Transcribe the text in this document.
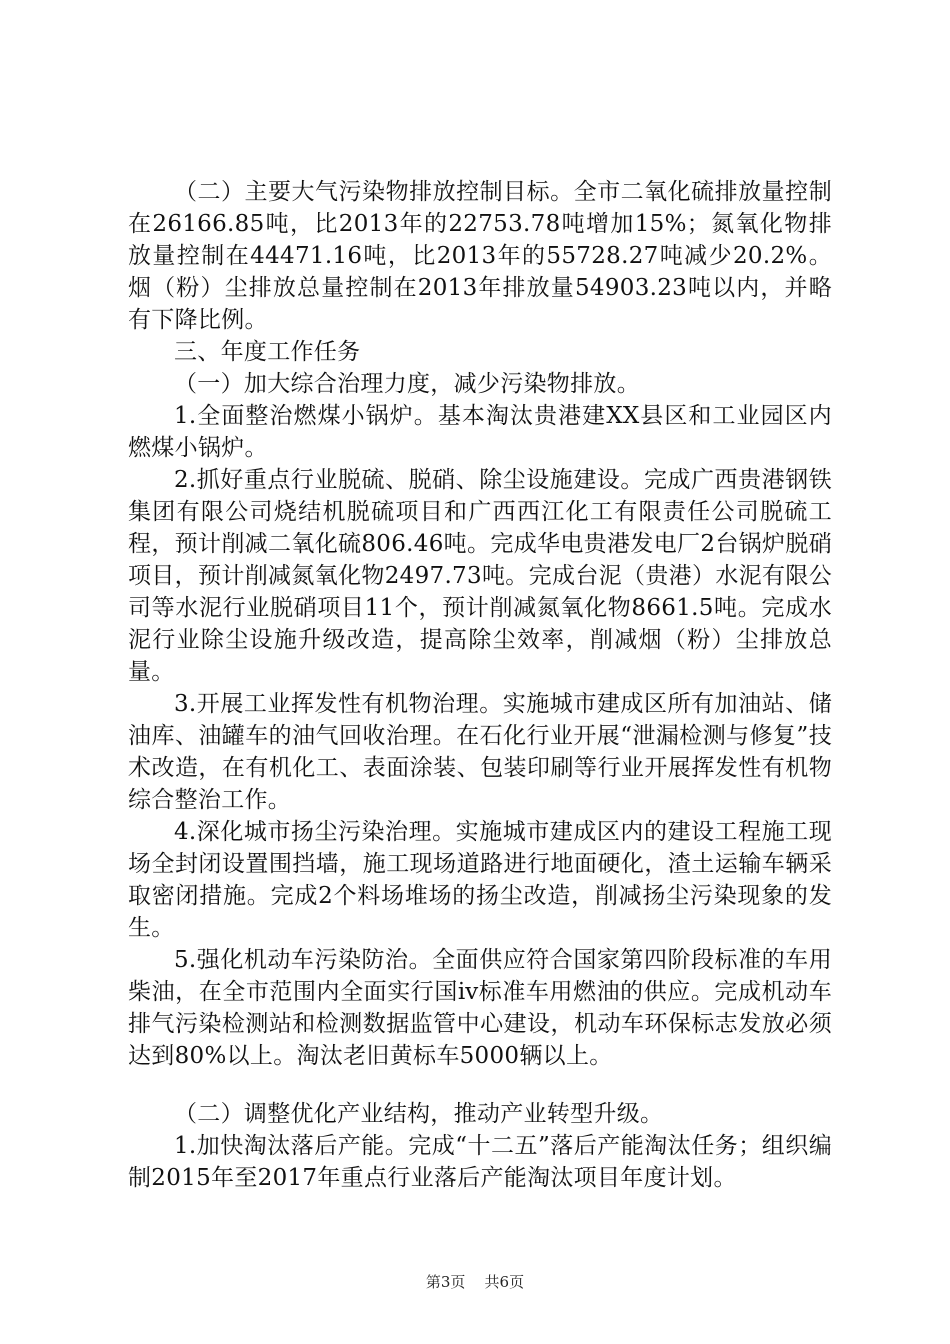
（二）主要大气污染物排放控制目标。全市二氧化硫排放量控制在26166.85吨，比2013年的22753.78吨增加15%；氮氧化物排放量控制在44471.16吨，比2013年的55728.27吨减少20.2%。烟（粉）尘排放总量控制在2013年排放量54903.23吨以内，并略有下降比例。

三、年度工作任务

（一）加大综合治理力度，减少污染物排放。

1.全面整治燃煤小锅炉。基本淘汰贵港建XX县区和工业园区内燃煤小锅炉。

2.抓好重点行业脱硫、脱硝、除尘设施建设。完成广西贵港钢铁集团有限公司烧结机脱硫项目和广西西江化工有限责任公司脱硫工程，预计削减二氧化硫806.46吨。完成华电贵港发电厂2台锅炉脱硝项目，预计削减氮氧化物2497.73吨。完成台泥（贵港）水泥有限公司等水泥行业脱硝项目11个，预计削减氮氧化物8661.5吨。完成水泥行业除尘设施升级改造，提高除尘效率，削减烟（粉）尘排放总量。

3.开展工业挥发性有机物治理。实施城市建成区所有加油站、储油库、油罐车的油气回收治理。在石化行业开展“泄漏检测与修复”技术改造，在有机化工、表面涂装、包装印刷等行业开展挥发性有机物综合整治工作。

4.深化城市扬尘污染治理。实施城市建成区内的建设工程施工现场全封闭设置围挡墙，施工现场道路进行地面硬化，渣土运输车辆采取密闭措施。完成2个料场堆场的扬尘改造，削减扬尘污染现象的发生。

5.强化机动车污染防治。全面供应符合国家第四阶段标准的车用柴油，在全市范围内全面实行国ⅳ标准车用燃油的供应。完成机动车排气污染检测站和检测数据监管中心建设，机动车环保标志发放必须达到80%以上。淘汰老旧黄标车5000辆以上。

（二）调整优化产业结构，推动产业转型升级。

1.加快淘汰落后产能。完成“十二五”落后产能淘汰任务；组织编制2015年至2017年重点行业落后产能淘汰项目年度计划。

第3页 共6页
